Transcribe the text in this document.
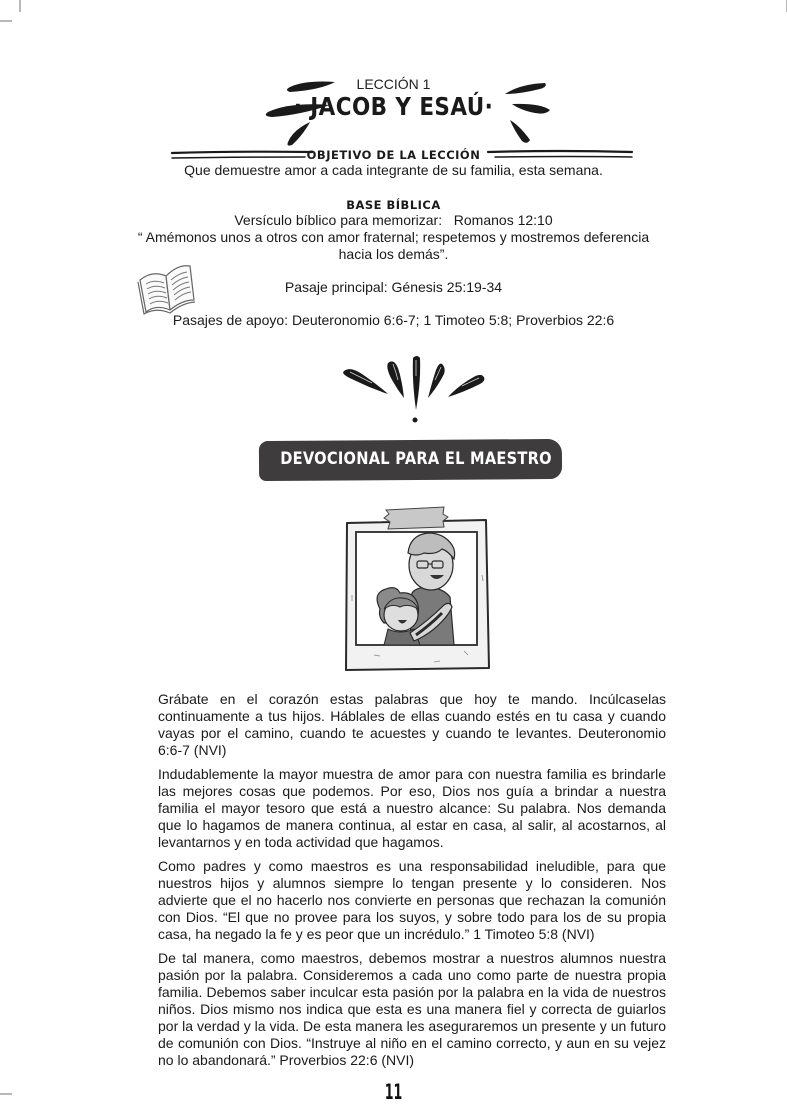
LECCIÓN 1
· JACOB Y ESAÚ·
OBJETIVO DE LA LECCIÓN
Que demuestre amor a cada integrante de su familia, esta semana.
BASE BÍBLICA
Versículo bíblico para memorizar:   Romanos 12:10
“ Amémonos unos a otros con amor fraternal; respetemos y mostremos deferencia hacia los demás”.
Pasaje principal: Génesis 25:19-34
Pasajes de apoyo: Deuteronomio 6:6-7; 1 Timoteo 5:8; Proverbios 22:6
DEVOCIONAL PARA EL MAESTRO

Grábate en el corazón estas palabras que hoy te mando. Incúlcaselas continuamente a tus hijos. Háblales de ellas cuando estés en tu casa y cuando vayas por el camino, cuando te acuestes y cuando te levantes. Deuteronomio 6:6-7 (NVI)

Indudablemente la mayor muestra de amor para con nuestra familia es brindarle las mejores cosas que podemos. Por eso, Dios nos guía a brindar a nuestra familia el mayor tesoro que está a nuestro alcance: Su palabra. Nos demanda que lo hagamos de manera continua, al estar en casa, al salir, al acostarnos, al levantarnos y en toda actividad que hagamos.

Como padres y como maestros es una responsabilidad ineludible, para que nuestros hijos y alumnos siempre lo tengan presente y lo consideren. Nos advierte que el no hacerlo nos convierte en personas que rechazan la comunión con Dios. “El que no provee para los suyos, y sobre todo para los de su propia casa, ha negado la fe y es peor que un incrédulo.” 1 Timoteo 5:8 (NVI)

De tal manera, como maestros, debemos mostrar a nuestros alumnos nuestra pasión por la palabra. Consideremos a cada uno como parte de nuestra propia familia. Debemos saber inculcar esta pasión por la palabra en la vida de nuestros niños. Dios mismo nos indica que esta es una manera fiel y correcta de guiarlos por la verdad y la vida. De esta manera les aseguraremos un presente y un futuro de comunión con Dios. “Instruye al niño en el camino correcto, y aun en su vejez no lo abandonará.” Proverbios 22:6 (NVI)

11
